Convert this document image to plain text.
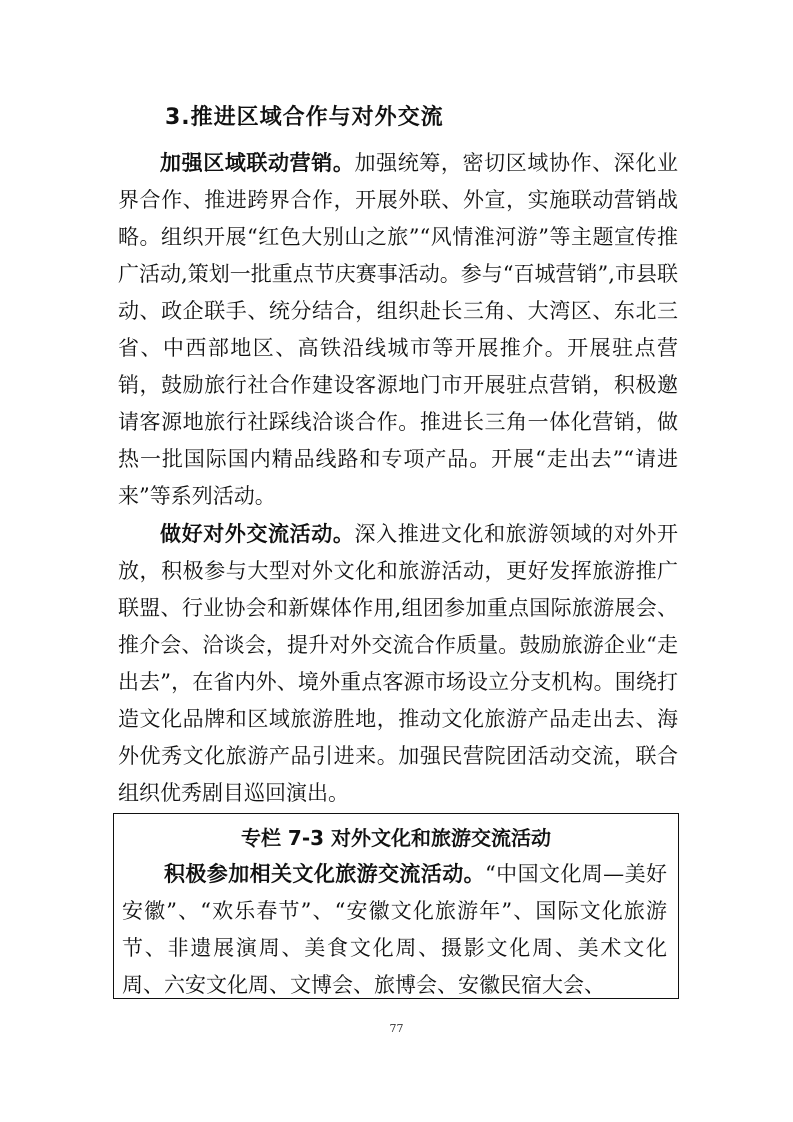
3.推进区域合作与对外交流

加强区域联动营销。加强统筹，密切区域协作、深化业界合作、推进跨界合作，开展外联、外宣，实施联动营销战略。组织开展“红色大别山之旅”“风情淮河游”等主题宣传推广活动,策划一批重点节庆赛事活动。参与“百城营销”,市县联动、政企联手、统分结合，组织赴长三角、大湾区、东北三省、中西部地区、高铁沿线城市等开展推介。开展驻点营销，鼓励旅行社合作建设客源地门市开展驻点营销，积极邀请客源地旅行社踩线洽谈合作。推进长三角一体化营销，做热一批国际国内精品线路和专项产品。开展“走出去”“请进来”等系列活动。

做好对外交流活动。深入推进文化和旅游领域的对外开放，积极参与大型对外文化和旅游活动，更好发挥旅游推广联盟、行业协会和新媒体作用,组团参加重点国际旅游展会、推介会、洽谈会，提升对外交流合作质量。鼓励旅游企业“走出去”，在省内外、境外重点客源市场设立分支机构。围绕打造文化品牌和区域旅游胜地，推动文化旅游产品走出去、海外优秀文化旅游产品引进来。加强民营院团活动交流，联合组织优秀剧目巡回演出。

专栏 7-3 对外文化和旅游交流活动

积极参加相关文化旅游交流活动。“中国文化周—美好安徽”、“欢乐春节”、“安徽文化旅游年”、国际文化旅游节、非遗展演周、美食文化周、摄影文化周、美术文化周、六安文化周、文博会、旅博会、安徽民宿大会、

77
